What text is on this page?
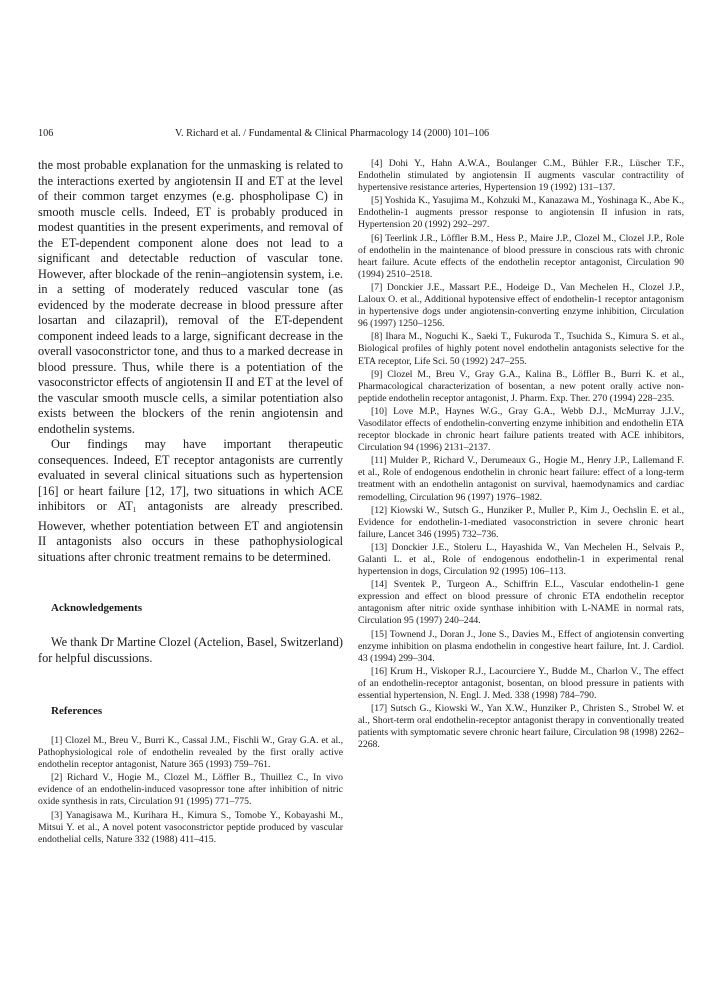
106	V. Richard et al. / Fundamental & Clinical Pharmacology 14 (2000) 101–106

the most probable explanation for the unmasking is related to the interactions exerted by angiotensin II and ET at the level of their common target enzymes (e.g. phospholipase C) in smooth muscle cells. Indeed, ET is probably produced in modest quantities in the present experiments, and removal of the ET-dependent component alone does not lead to a significant and detectable reduction of vascular tone. However, after blockade of the renin–angiotensin system, i.e. in a setting of moderately reduced vascular tone (as evidenced by the moderate decrease in blood pressure after losartan and cilazapril), removal of the ET-dependent component indeed leads to a large, significant decrease in the overall vasoconstrictor tone, and thus to a marked decrease in blood pressure. Thus, while there is a potentiation of the vasoconstrictor effects of angiotensin II and ET at the level of the vascular smooth muscle cells, a similar potentiation also exists between the blockers of the renin angiotensin and endothelin systems.

Our findings may have important therapeutic consequences. Indeed, ET receptor antagonists are currently evaluated in several clinical situations such as hypertension [16] or heart failure [12, 17], two situations in which ACE inhibitors or $AT_1$ antagonists are already prescribed. However, whether potentiation between ET and angiotensin II antagonists also occurs in these pathophysiological situations after chronic treatment remains to be determined.

Acknowledgements
We thank Dr Martine Clozel (Actelion, Basel, Switzerland) for helpful discussions.
References

[1] Clozel M., Breu V., Burri K., Cassal J.M., Fischli W., Gray G.A. et al., Pathophysiological role of endothelin revealed by the first orally active endothelin receptor antagonist, Nature 365 (1993) 759–761.

[2] Richard V., Hogie M., Clozel M., Löffler B., Thuillez C., In vivo evidence of an endothelin-induced vasopressor tone after inhibition of nitric oxide synthesis in rats, Circulation 91 (1995) 771–775.

[3] Yanagisawa M., Kurihara H., Kimura S., Tomobe Y., Kobayashi M., Mitsui Y. et al., A novel potent vasoconstrictor peptide produced by vascular endothelial cells, Nature 332 (1988) 411–415.

[4] Dohi Y., Hahn A.W.A., Boulanger C.M., Bühler F.R., Lüscher T.F., Endothelin stimulated by angiotensin II augments vascular contractility of hypertensive resistance arteries, Hypertension 19 (1992) 131–137.

[5] Yoshida K., Yasujima M., Kohzuki M., Kanazawa M., Yoshinaga K., Abe K., Endothelin-1 augments pressor response to angiotensin II infusion in rats, Hypertension 20 (1992) 292–297.

[6] Teerlink J.R., Löffler B.M., Hess P., Maire J.P., Clozel M., Clozel J.P., Role of endothelin in the maintenance of blood pressure in conscious rats with chronic heart failure. Acute effects of the endothelin receptor antagonist, Circulation 90 (1994) 2510–2518.

[7] Donckier J.E., Massart P.E., Hodeige D., Van Mechelen H., Clozel J.P., Laloux O. et al., Additional hypotensive effect of endothelin-1 receptor antagonism in hypertensive dogs under angiotensin-converting enzyme inhibition, Circulation 96 (1997) 1250–1256.

[8] Ihara M., Noguchi K., Saeki T., Fukuroda T., Tsuchida S., Kimura S. et al., Biological profiles of highly potent novel endothelin antagonists selective for the ETA receptor, Life Sci. 50 (1992) 247–255.

[9] Clozel M., Breu V., Gray G.A., Kalina B., Löffler B., Burri K. et al., Pharmacological characterization of bosentan, a new potent orally active non-peptide endothelin receptor antagonist, J. Pharm. Exp. Ther. 270 (1994) 228–235.

[10] Love M.P., Haynes W.G., Gray G.A., Webb D.J., McMurray J.J.V., Vasodilator effects of endothelin-converting enzyme inhibition and endothelin ETA receptor blockade in chronic heart failure patients treated with ACE inhibitors, Circulation 94 (1996) 2131–2137.

[11] Mulder P., Richard V., Derumeaux G., Hogie M., Henry J.P., Lallemand F. et al., Role of endogenous endothelin in chronic heart failure: effect of a long-term treatment with an endothelin antagonist on survival, haemodynamics and cardiac remodelling, Circulation 96 (1997) 1976–1982.

[12] Kiowski W., Sutsch G., Hunziker P., Muller P., Kim J., Oechslin E. et al., Evidence for endothelin-1-mediated vasoconstriction in severe chronic heart failure, Lancet 346 (1995) 732–736.

[13] Donckier J.E., Stoleru L., Hayashida W., Van Mechelen H., Selvais P., Galanti L. et al., Role of endogenous endothelin-1 in experimental renal hypertension in dogs, Circulation 92 (1995) 106–113.

[14] Sventek P., Turgeon A., Schiffrin E.L., Vascular endothelin-1 gene expression and effect on blood pressure of chronic ETA endothelin receptor antagonism after nitric oxide synthase inhibition with L-NAME in normal rats, Circulation 95 (1997) 240–244.

[15] Townend J., Doran J., Jone S., Davies M., Effect of angiotensin converting enzyme inhibition on plasma endothelin in congestive heart failure, Int. J. Cardiol. 43 (1994) 299–304.

[16] Krum H., Viskoper R.J., Lacourciere Y., Budde M., Charlon V., The effect of an endothelin-receptor antagonist, bosentan, on blood pressure in patients with essential hypertension, N. Engl. J. Med. 338 (1998) 784–790.

[17] Sutsch G., Kiowski W., Yan X.W., Hunziker P., Christen S., Strobel W. et al., Short-term oral endothelin-receptor antagonist therapy in conventionally treated patients with symptomatic severe chronic heart failure, Circulation 98 (1998) 2262–2268.
